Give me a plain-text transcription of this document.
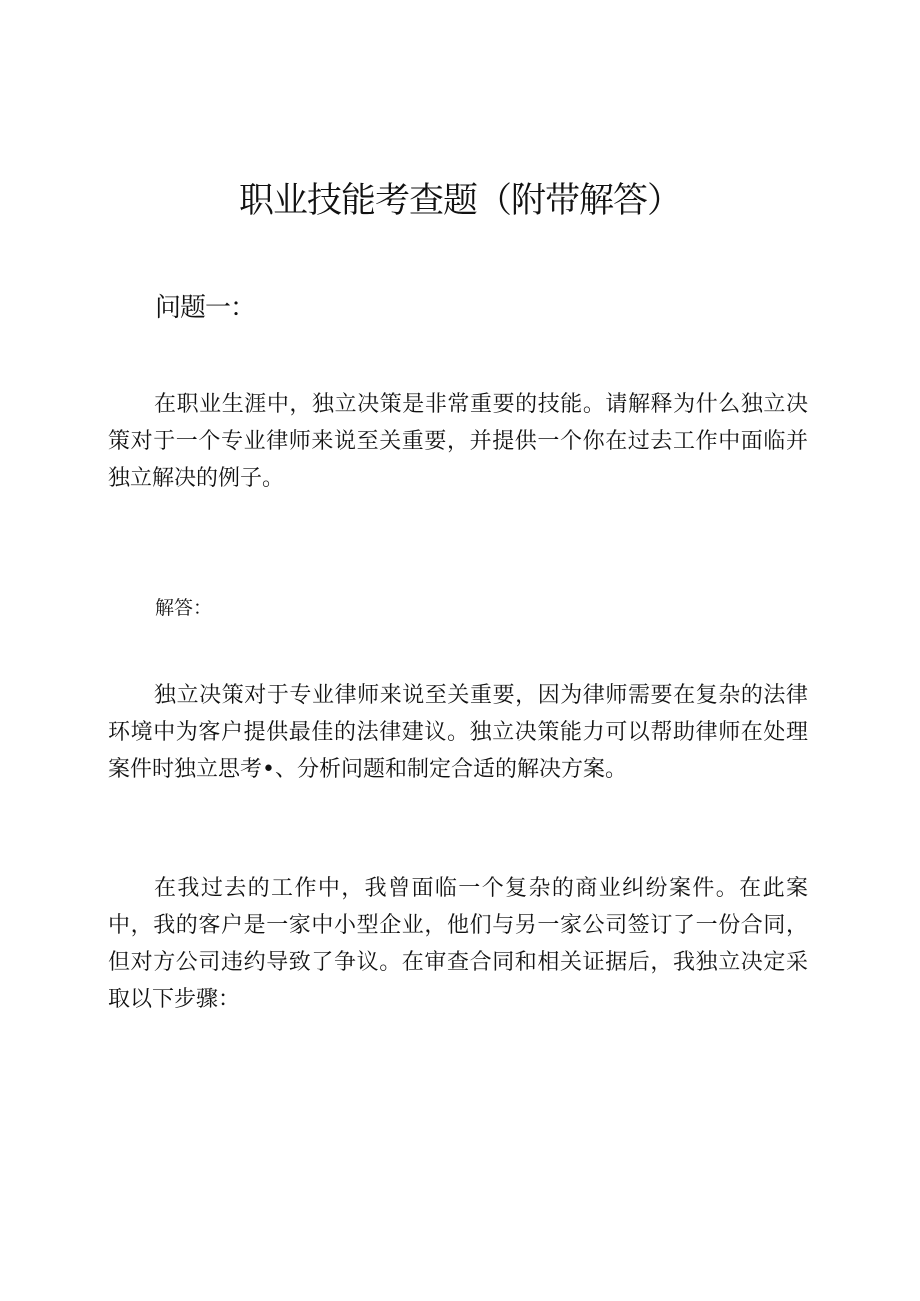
职业技能考查题（附带解答）
问题一：

在职业生涯中，独立决策是非常重要的技能。请解释为什么独立决策对于一个专业律师来说至关重要，并提供一个你在过去工作中面临并独立解决的例子。

解答：

独立决策对于专业律师来说至关重要，因为律师需要在复杂的法律环境中为客户提供最佳的法律建议。独立决策能力可以帮助律师在处理案件时独立思考•、分析问题和制定合适的解决方案。

在我过去的工作中，我曾面临一个复杂的商业纠纷案件。在此案中，我的客户是一家中小型企业，他们与另一家公司签订了一份合同，但对方公司违约导致了争议。在审查合同和相关证据后，我独立决定采取以下步骤：
